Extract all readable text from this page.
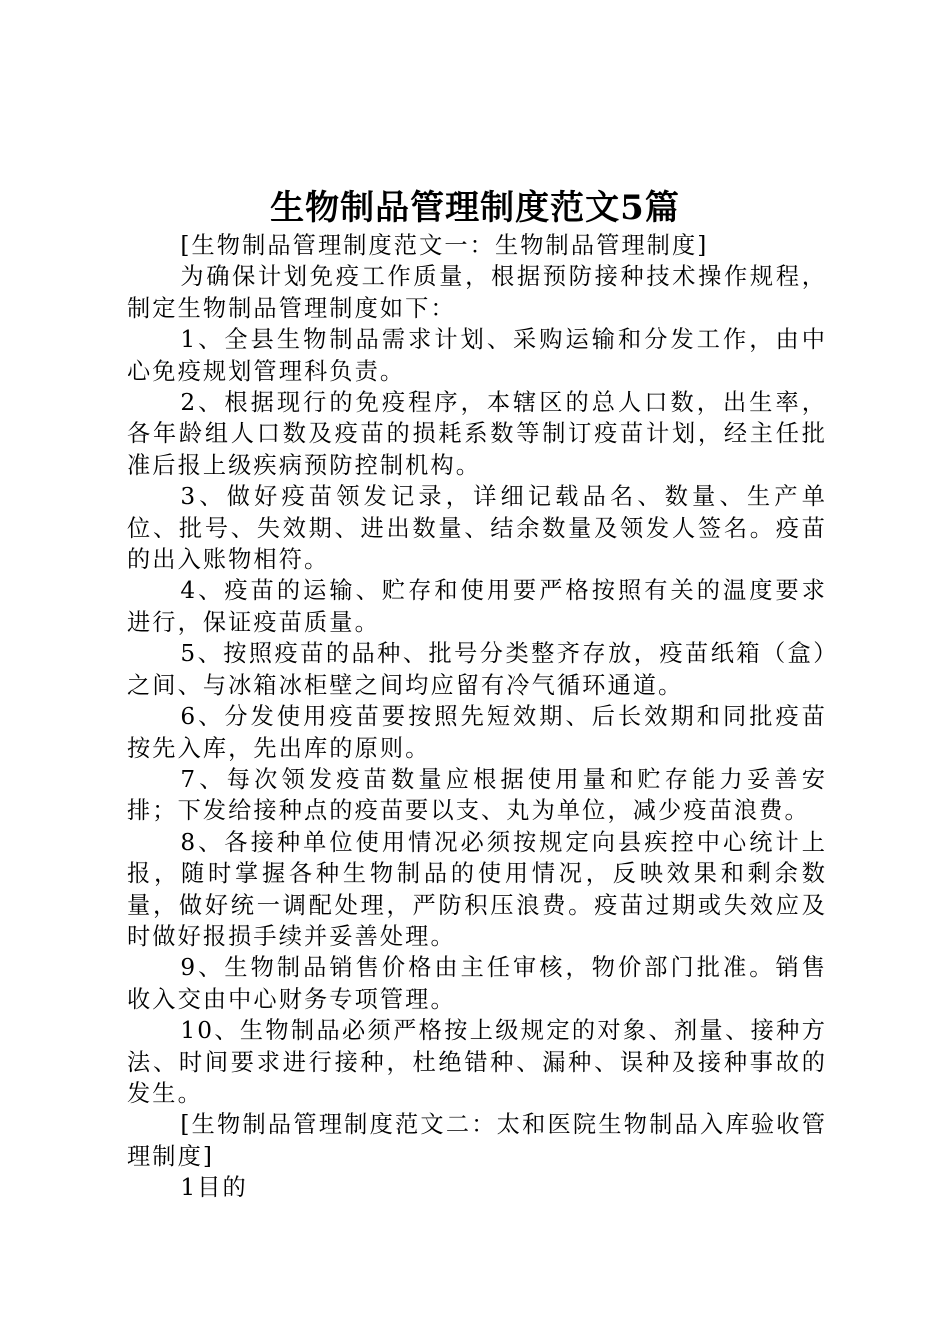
生物制品管理制度范文5篇

[生物制品管理制度范文一：生物制品管理制度]

为确保计划免疫工作质量，根据预防接种技术操作规程，制定生物制品管理制度如下：

1、全县生物制品需求计划、采购运输和分发工作，由中心免疫规划管理科负责。

2、根据现行的免疫程序，本辖区的总人口数，出生率，各年龄组人口数及疫苗的损耗系数等制订疫苗计划，经主任批准后报上级疾病预防控制机构。

3、做好疫苗领发记录，详细记载品名、数量、生产单位、批号、失效期、进出数量、结余数量及领发人签名。疫苗的出入账物相符。

4、疫苗的运输、贮存和使用要严格按照有关的温度要求进行，保证疫苗质量。

5、按照疫苗的品种、批号分类整齐存放，疫苗纸箱（盒）之间、与冰箱冰柜壁之间均应留有冷气循环通道。

6、分发使用疫苗要按照先短效期、后长效期和同批疫苗按先入库，先出库的原则。

7、每次领发疫苗数量应根据使用量和贮存能力妥善安排；下发给接种点的疫苗要以支、丸为单位，减少疫苗浪费。

8、各接种单位使用情况必须按规定向县疾控中心统计上报，随时掌握各种生物制品的使用情况，反映效果和剩余数量，做好统一调配处理，严防积压浪费。疫苗过期或失效应及时做好报损手续并妥善处理。

9、生物制品销售价格由主任审核，物价部门批准。销售收入交由中心财务专项管理。

10、生物制品必须严格按上级规定的对象、剂量、接种方法、时间要求进行接种，杜绝错种、漏种、误种及接种事故的发生。

[生物制品管理制度范文二：太和医院生物制品入库验收管理制度]

1目的
